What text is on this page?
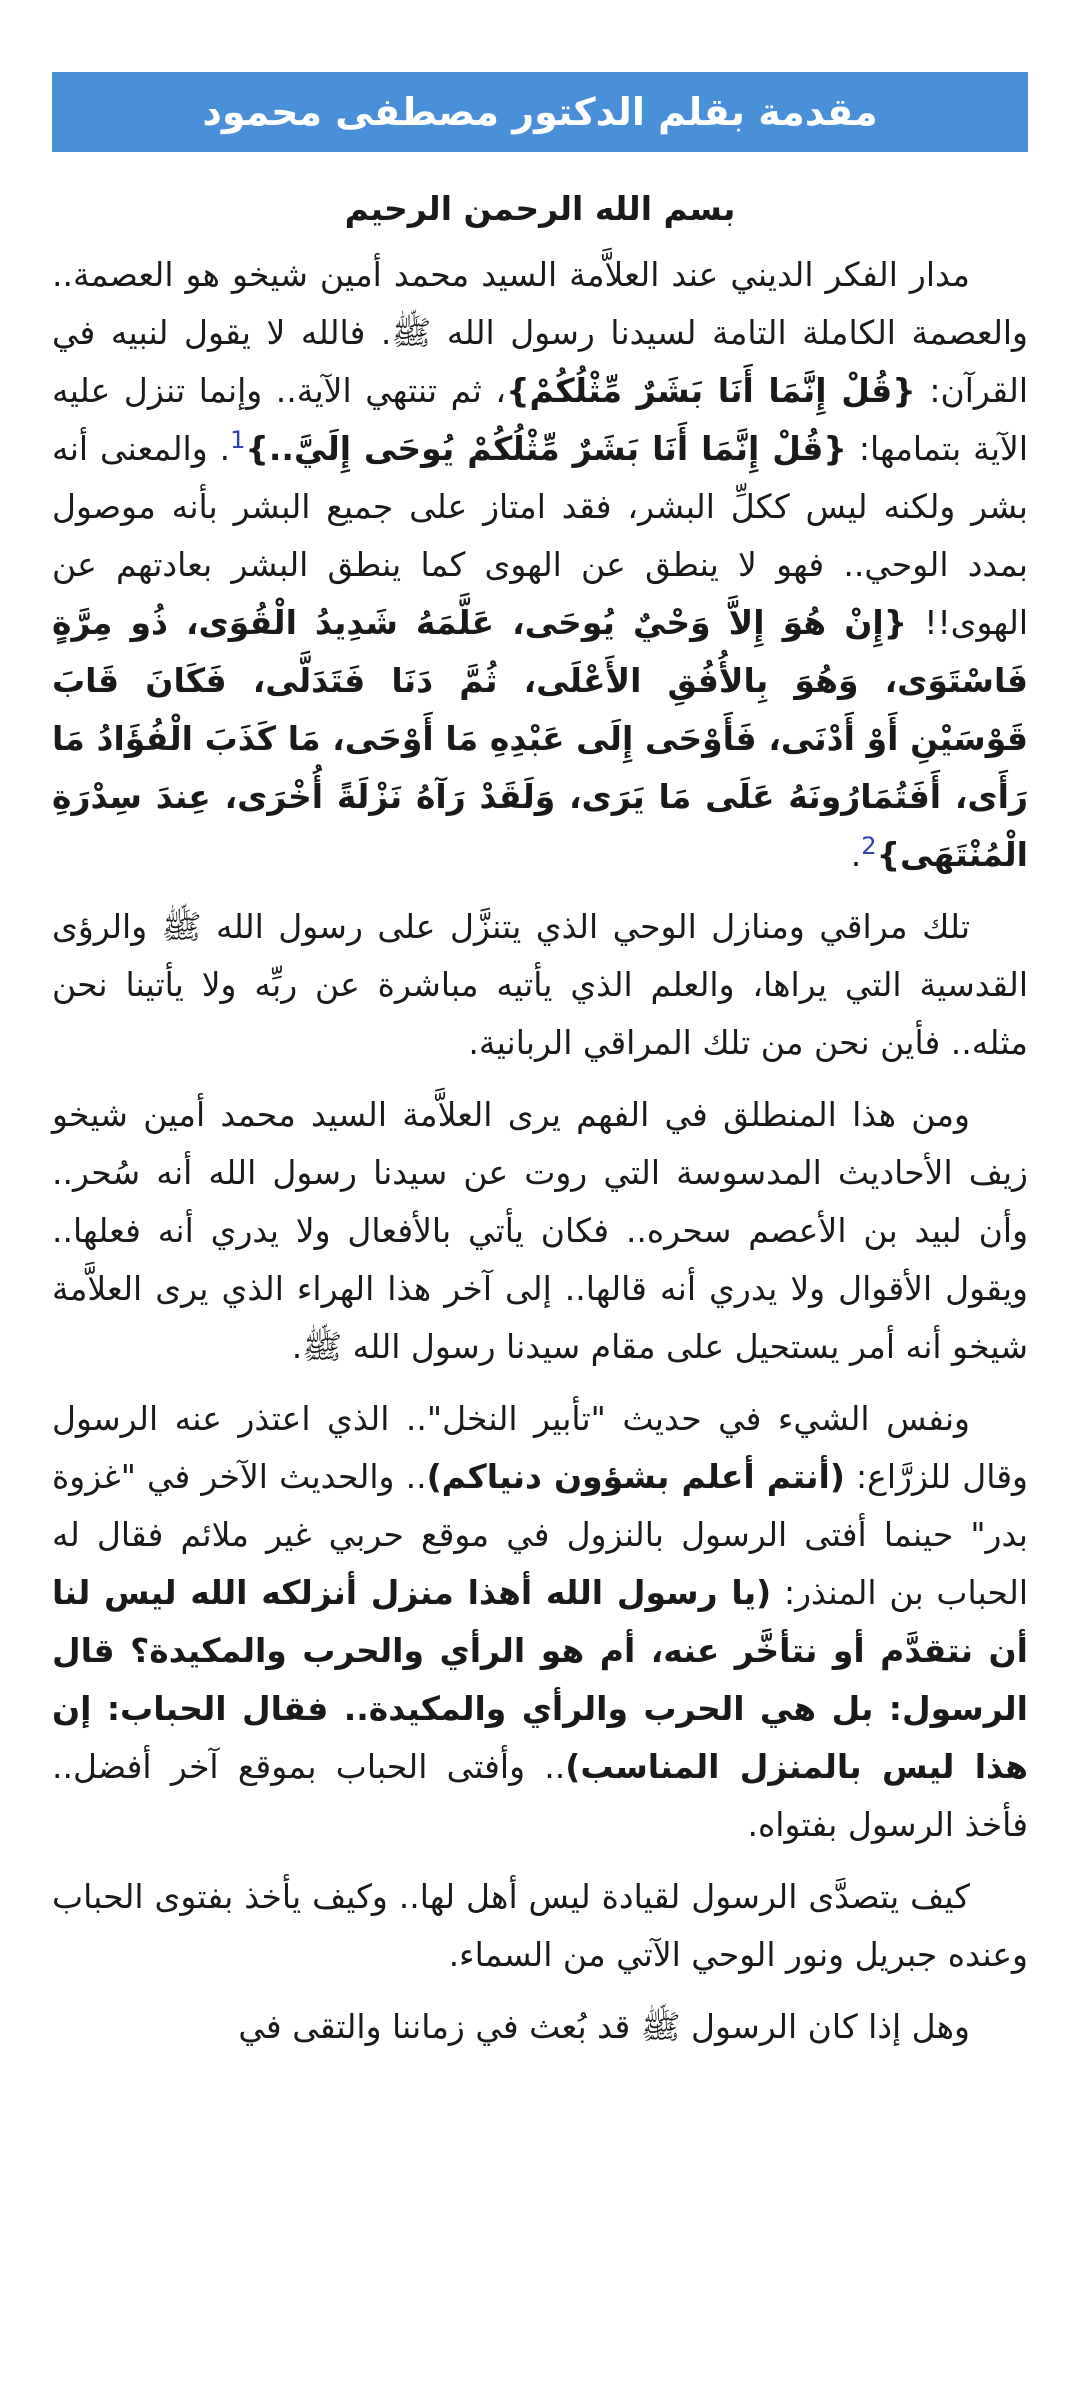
مقدمة بقلم الدكتور مصطفى محمود
بسم الله الرحمن الرحيم

مدار الفكر الديني عند العلاَّمة السيد محمد أمين شيخو هو العصمة.. والعصمة الكاملة التامة لسيدنا رسول الله ﷺ. فالله لا يقول لنبيه في القرآن: {قُلْ إِنَّمَا أَنَا بَشَرٌ مِّثْلُكُمْ}، ثم تنتهي الآية.. وإنما تنزل عليه الآية بتمامها: {قُلْ إِنَّمَا أَنَا بَشَرٌ مِّثْلُكُمْ يُوحَى إِلَيَّ..}$^1$. والمعنى أنه بشر ولكنه ليس ككلِّ البشر، فقد امتاز على جميع البشر بأنه موصول بمدد الوحي.. فهو لا ينطق عن الهوى كما ينطق البشر بعادتهم عن الهوى!! {إِنْ هُوَ إِلاَّ وَحْيٌ يُوحَى، عَلَّمَهُ شَدِيدُ الْقُوَى، ذُو مِرَّةٍ فَاسْتَوَى، وَهُوَ بِالأُفُقِ الأَعْلَى، ثُمَّ دَنَا فَتَدَلَّى، فَكَانَ قَابَ قَوْسَيْنِ أَوْ أَدْنَى، فَأَوْحَى إِلَى عَبْدِهِ مَا أَوْحَى، مَا كَذَبَ الْفُؤَادُ مَا رَأَى، أَفَتُمَارُونَهُ عَلَى مَا يَرَى، وَلَقَدْ رَآهُ نَزْلَةً أُخْرَى، عِندَ سِدْرَةِ الْمُنْتَهَى}$^2$.

تلك مراقي ومنازل الوحي الذي يتنزَّل على رسول الله ﷺ والرؤى القدسية التي يراها، والعلم الذي يأتيه مباشرة عن ربِّه ولا يأتينا نحن مثله.. فأين نحن من تلك المراقي الربانية.

ومن هذا المنطلق في الفهم يرى العلاَّمة السيد محمد أمين شيخو زيف الأحاديث المدسوسة التي روت عن سيدنا رسول الله أنه سُحر.. وأن لبيد بن الأعصم سحره.. فكان يأتي بالأفعال ولا يدري أنه فعلها.. ويقول الأقوال ولا يدري أنه قالها.. إلى آخر هذا الهراء الذي يرى العلاَّمة شيخو أنه أمر يستحيل على مقام سيدنا رسول الله ﷺ.

ونفس الشيء في حديث "تأبير النخل".. الذي اعتذر عنه الرسول وقال للزرَّاع: (أنتم أعلم بشؤون دنياكم).. والحديث الآخر في "غزوة بدر" حينما أفتى الرسول بالنزول في موقع حربي غير ملائم فقال له الحباب بن المنذر: (يا رسول الله أهذا منزل أنزلكه الله ليس لنا أن نتقدَّم أو نتأخَّر عنه، أم هو الرأي والحرب والمكيدة؟ قال الرسول: بل هي الحرب والرأي والمكيدة.. فقال الحباب: إن هذا ليس بالمنزل المناسب).. وأفتى الحباب بموقع آخر أفضل.. فأخذ الرسول بفتواه.

كيف يتصدَّى الرسول لقيادة ليس أهل لها.. وكيف يأخذ بفتوى الحباب وعنده جبريل ونور الوحي الآتي من السماء.

وهل إذا كان الرسول ﷺ قد بُعث في زماننا والتقى في
